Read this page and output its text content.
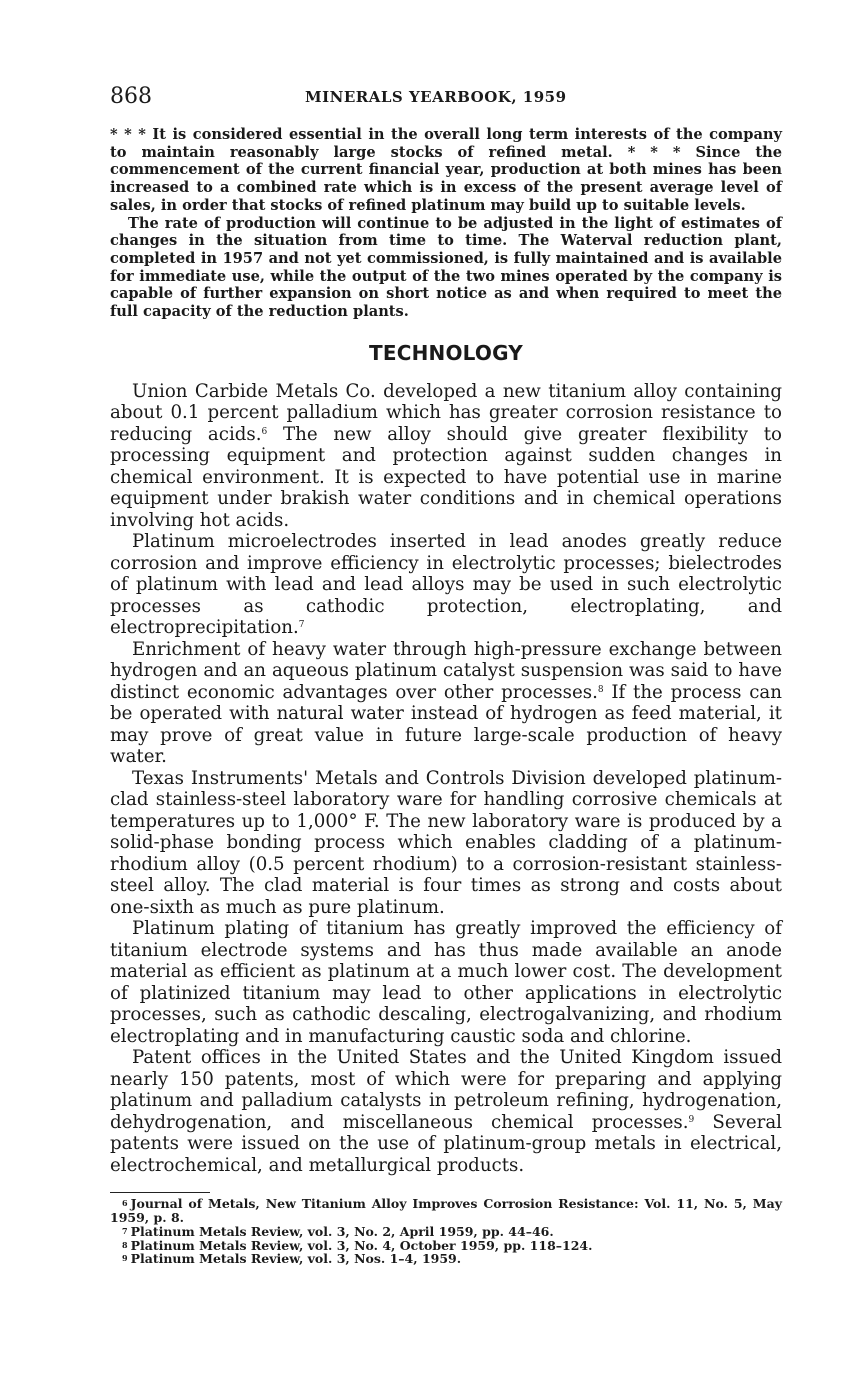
868	MINERALS YEARBOOK, 1959

* * * It is considered essential in the overall long term interests of the company to maintain reasonably large stocks of refined metal. * * * Since the commencement of the current financial year, production at both mines has been increased to a combined rate which is in excess of the present average level of sales, in order that stocks of refined platinum may build up to suitable levels.

The rate of production will continue to be adjusted in the light of estimates of changes in the situation from time to time. The Waterval reduction plant, completed in 1957 and not yet commissioned, is fully maintained and is available for immediate use, while the output of the two mines operated by the company is capable of further expansion on short notice as and when required to meet the full capacity of the reduction plants.

TECHNOLOGY

Union Carbide Metals Co. developed a new titanium alloy containing about 0.1 percent palladium which has greater corrosion resistance to reducing acids.$^6$ The new alloy should give greater flexibility to processing equipment and protection against sudden changes in chemical environment. It is expected to have potential use in marine equipment under brakish water conditions and in chemical operations involving hot acids.

Platinum microelectrodes inserted in lead anodes greatly reduce corrosion and improve efficiency in electrolytic processes; bielectrodes of platinum with lead and lead alloys may be used in such electrolytic processes as cathodic protection, electroplating, and electroprecipitation.$^7$

Enrichment of heavy water through high-pressure exchange between hydrogen and an aqueous platinum catalyst suspension was said to have distinct economic advantages over other processes.$^8$ If the process can be operated with natural water instead of hydrogen as feed material, it may prove of great value in future large-scale production of heavy water.

Texas Instruments' Metals and Controls Division developed platinum-clad stainless-steel laboratory ware for handling corrosive chemicals at temperatures up to 1,000° F. The new laboratory ware is produced by a solid-phase bonding process which enables cladding of a platinum-rhodium alloy (0.5 percent rhodium) to a corrosion-resistant stainless-steel alloy. The clad material is four times as strong and costs about one-sixth as much as pure platinum.

Platinum plating of titanium has greatly improved the efficiency of titanium electrode systems and has thus made available an anode material as efficient as platinum at a much lower cost. The development of platinized titanium may lead to other applications in electrolytic processes, such as cathodic descaling, electrogalvanizing, and rhodium electroplating and in manufacturing caustic soda and chlorine.

Patent offices in the United States and the United Kingdom issued nearly 150 patents, most of which were for preparing and applying platinum and palladium catalysts in petroleum refining, hydrogenation, dehydrogenation, and miscellaneous chemical processes.$^9$ Several patents were issued on the use of platinum-group metals in electrical, electrochemical, and metallurgical products.

6 Journal of Metals, New Titanium Alloy Improves Corrosion Resistance: Vol. 11, No. 5, May 1959, p. 8.

7 Platinum Metals Review, vol. 3, No. 2, April 1959, pp. 44–46.

8 Platinum Metals Review, vol. 3, No. 4, October 1959, pp. 118–124.

9 Platinum Metals Review, vol. 3, Nos. 1–4, 1959.
